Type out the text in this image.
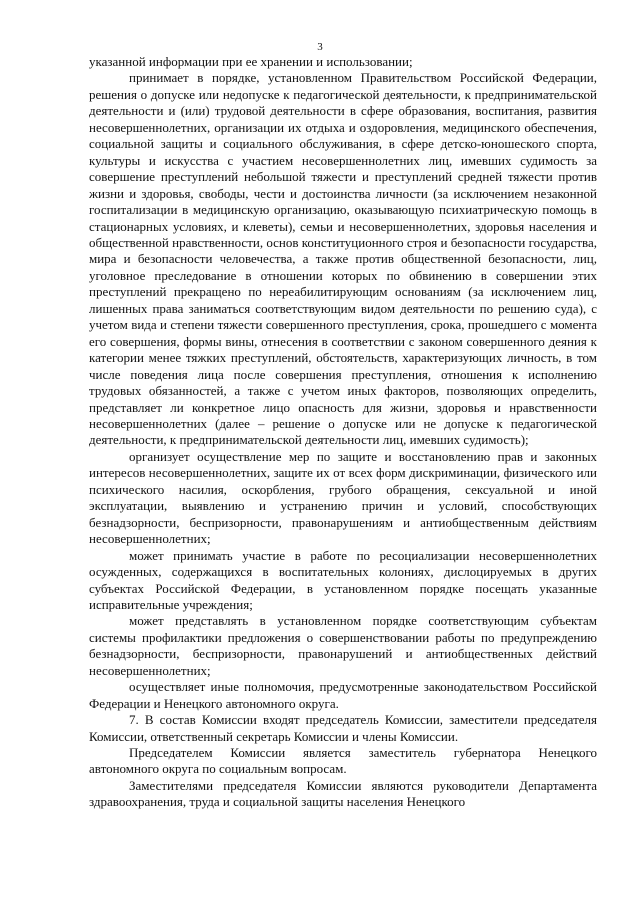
3

указанной информации при ее хранении и использовании;

принимает в порядке, установленном Правительством Российской Федерации, решения о допуске или недопуске к педагогической деятельности, к предпринимательской деятельности и (или) трудовой деятельности в сфере образования, воспитания, развития несовершеннолетних, организации их отдыха и оздоровления, медицинского обеспечения, социальной защиты и социального обслуживания, в сфере детско-юношеского спорта, культуры и искусства с участием несовершеннолетних лиц, имевших судимость за совершение преступлений небольшой тяжести и преступлений средней тяжести против жизни и здоровья, свободы, чести и достоинства личности (за исключением незаконной госпитализации в медицинскую организацию, оказывающую психиатрическую помощь в стационарных условиях, и клеветы), семьи и несовершеннолетних, здоровья населения и общественной нравственности, основ конституционного строя и безопасности государства, мира и безопасности человечества, а также против общественной безопасности, лиц, уголовное преследование в отношении которых по обвинению в совершении этих преступлений прекращено по нереабилитирующим основаниям (за исключением лиц, лишенных права заниматься соответствующим видом деятельности по решению суда), с учетом вида и степени тяжести совершенного преступления, срока, прошедшего с момента его совершения, формы вины, отнесения в соответствии с законом совершенного деяния к категории менее тяжких преступлений, обстоятельств, характеризующих личность, в том числе поведения лица после совершения преступления, отношения к исполнению трудовых обязанностей, а также с учетом иных факторов, позволяющих определить, представляет ли конкретное лицо опасность для жизни, здоровья и нравственности несовершеннолетних (далее – решение о допуске или не допуске к педагогической деятельности, к предпринимательской деятельности лиц, имевших судимость);

организует осуществление мер по защите и восстановлению прав и законных интересов несовершеннолетних, защите их от всех форм дискриминации, физического или психического насилия, оскорбления, грубого обращения, сексуальной и иной эксплуатации, выявлению и устранению причин и условий, способствующих безнадзорности, беспризорности, правонарушениям и антиобщественным действиям несовершеннолетних;

может принимать участие в работе по ресоциализации несовершеннолетних осужденных, содержащихся в воспитательных колониях, дислоцируемых в других субъектах Российской Федерации, в установленном порядке посещать указанные исправительные учреждения;

может представлять в установленном порядке соответствующим субъектам системы профилактики предложения о совершенствовании работы по предупреждению безнадзорности, беспризорности, правонарушений и антиобщественных действий несовершеннолетних;

осуществляет иные полномочия, предусмотренные законодательством Российской Федерации и Ненецкого автономного округа.

7. В состав Комиссии входят председатель Комиссии, заместители председателя Комиссии, ответственный секретарь Комиссии и члены Комиссии.

Председателем Комиссии является заместитель губернатора Ненецкого автономного округа по социальным вопросам.

Заместителями председателя Комиссии являются руководители Департамента здравоохранения, труда и социальной защиты населения Ненецкого
